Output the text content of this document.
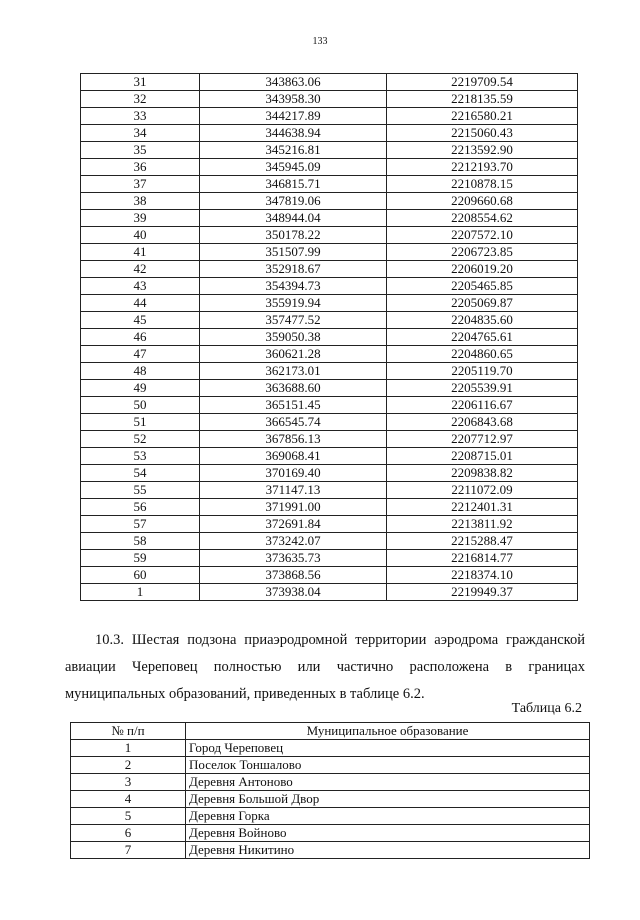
133
31	343863.06	2219709.54
32	343958.30	2218135.59
33	344217.89	2216580.21
34	344638.94	2215060.43
35	345216.81	2213592.90
36	345945.09	2212193.70
37	346815.71	2210878.15
38	347819.06	2209660.68
39	348944.04	2208554.62
40	350178.22	2207572.10
41	351507.99	2206723.85
42	352918.67	2206019.20
43	354394.73	2205465.85
44	355919.94	2205069.87
45	357477.52	2204835.60
46	359050.38	2204765.61
47	360621.28	2204860.65
48	362173.01	2205119.70
49	363688.60	2205539.91
50	365151.45	2206116.67
51	366545.74	2206843.68
52	367856.13	2207712.97
53	369068.41	2208715.01
54	370169.40	2209838.82
55	371147.13	2211072.09
56	371991.00	2212401.31
57	372691.84	2213811.92
58	373242.07	2215288.47
59	373635.73	2216814.77
60	373868.56	2218374.10
1	373938.04	2219949.37
10.3. Шестая подзона приаэродромной территории аэродрома гражданской авиации Череповец полностью или частично расположена в границах муниципальных образований, приведенных в таблице 6.2.
Таблица 6.2
№ п/п	Муниципальное образование
1	Город Череповец
2	Поселок Тоншалово
3	Деревня Антоново
4	Деревня Большой Двор
5	Деревня Горка
6	Деревня Войново
7	Деревня Никитино
